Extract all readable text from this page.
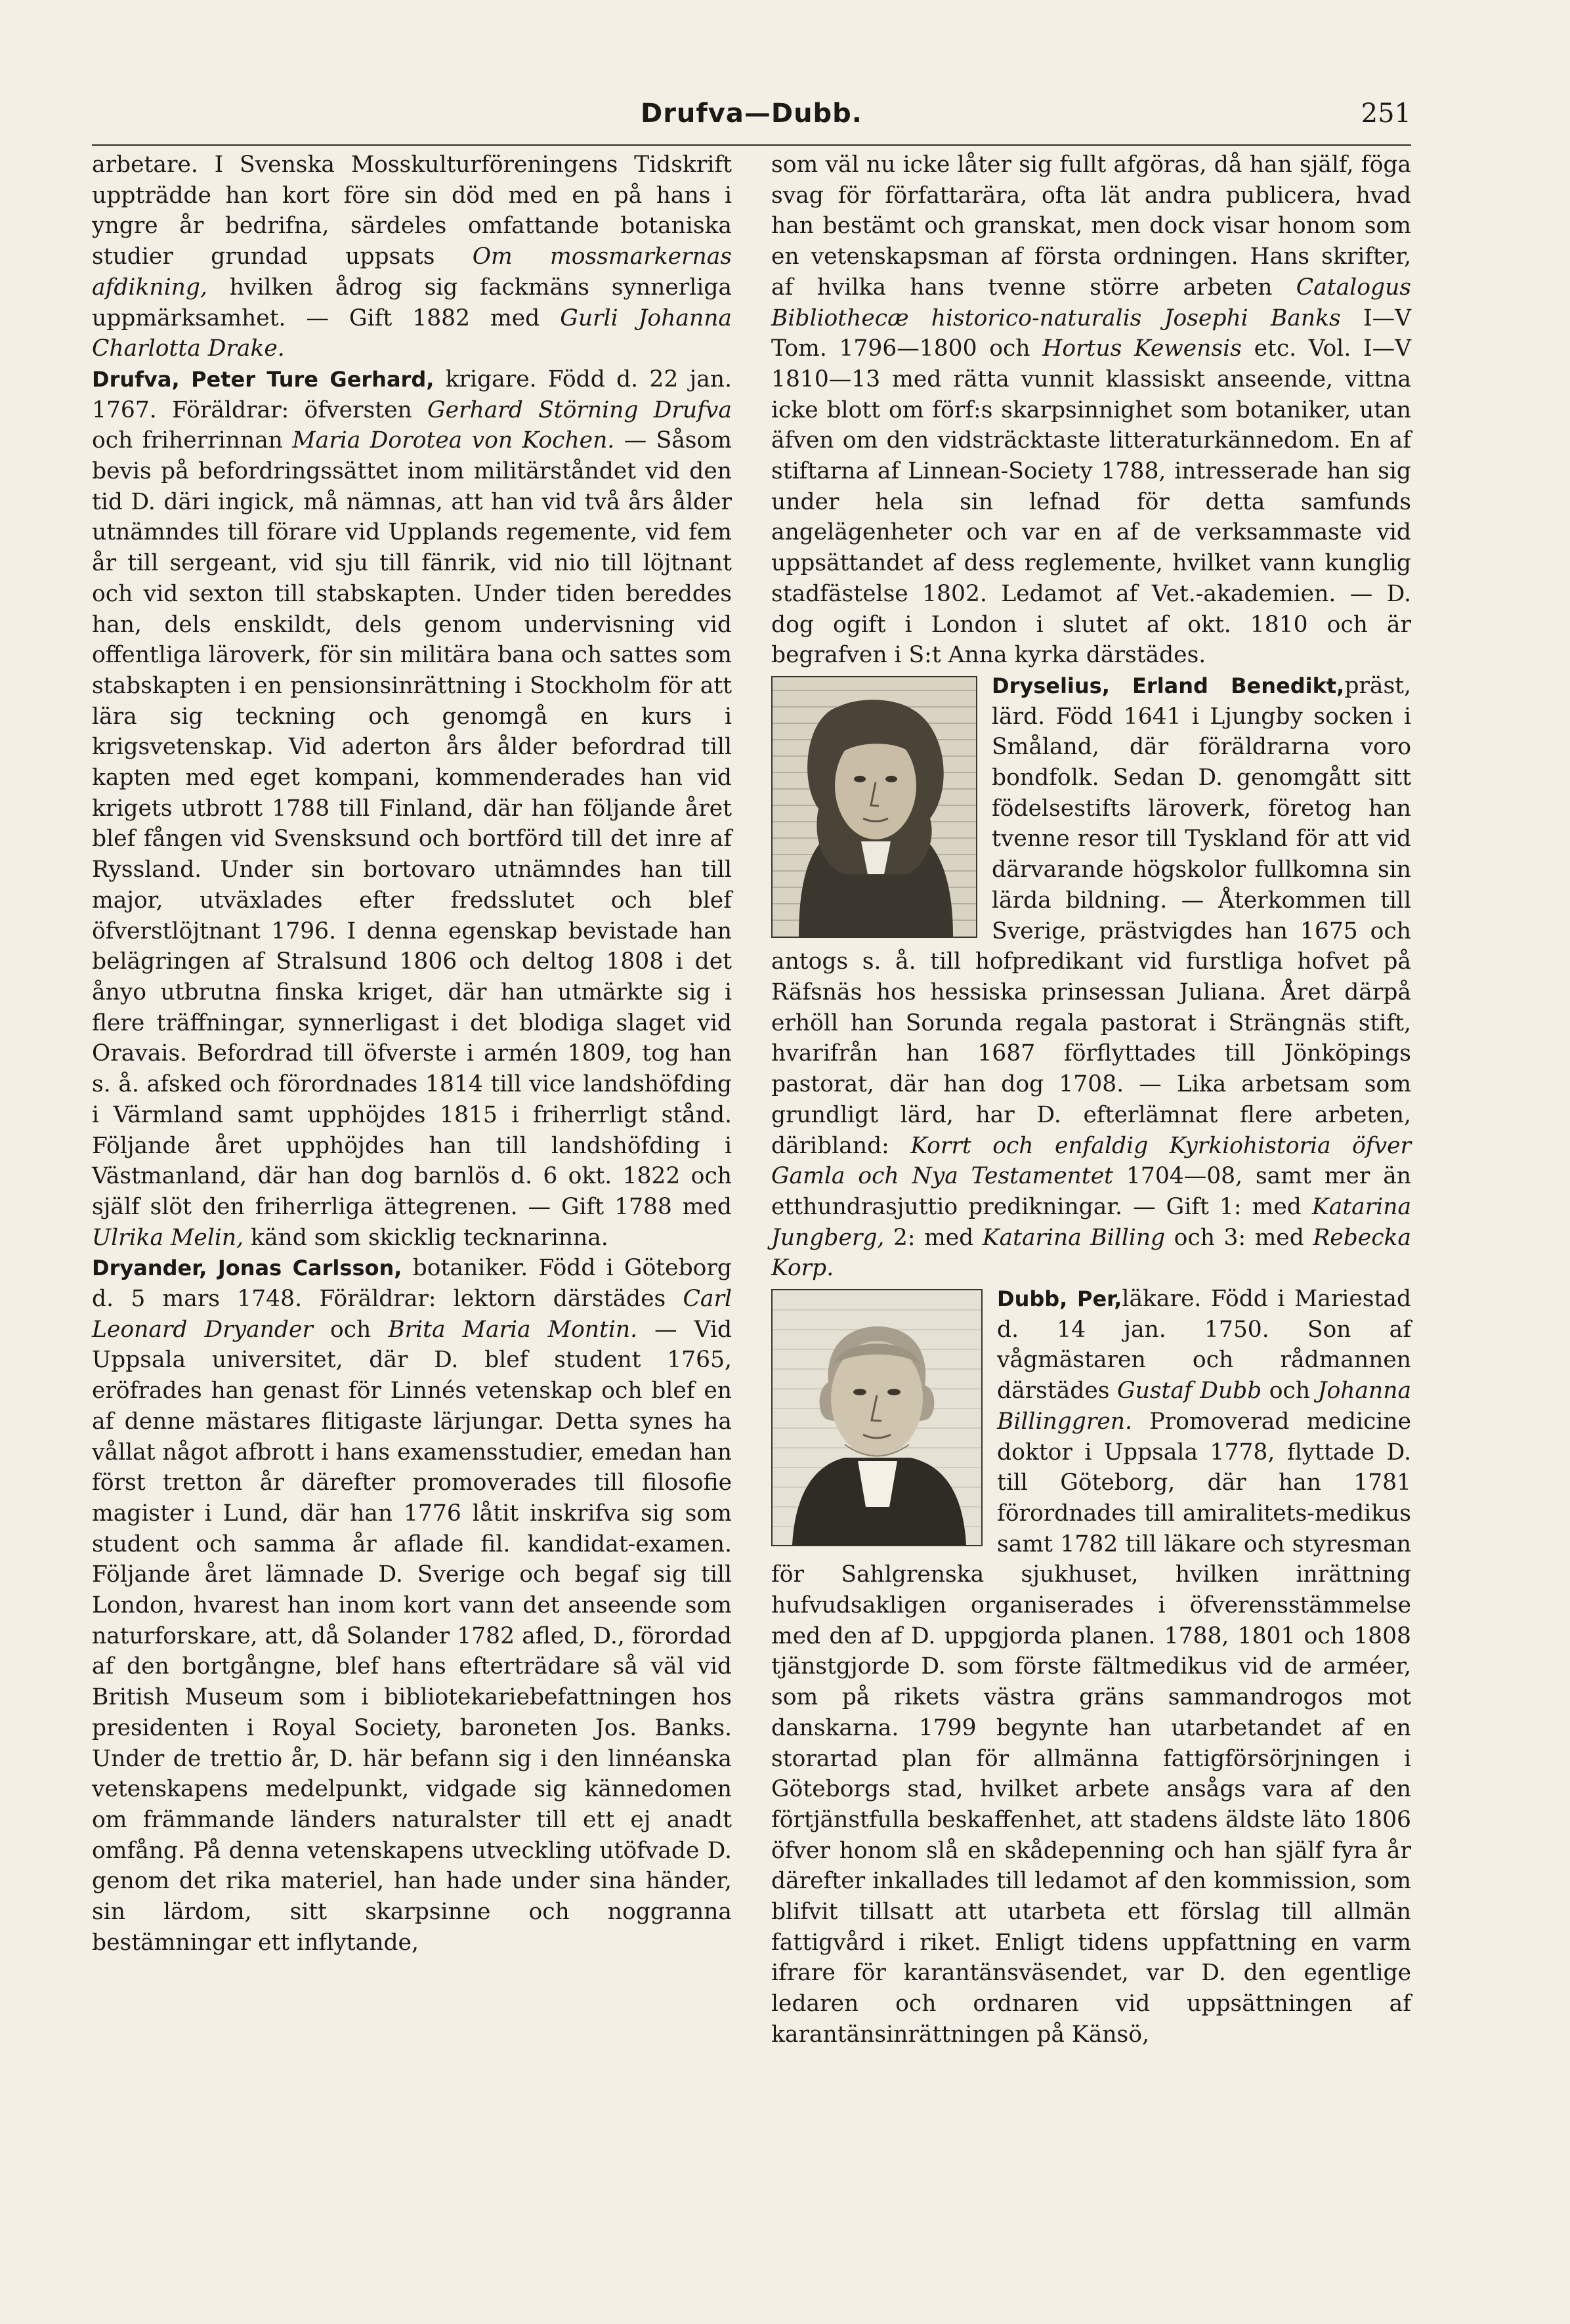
Drufva—Dubb.	251

arbetare. I Svenska Mosskulturföreningens Tidskrift uppträdde han kort före sin död med en på hans i yngre år bedrifna, särdeles omfattande botaniska studier grundad uppsats Om mossmarkernas afdikning, hvilken ådrog sig fackmäns synnerliga uppmärksamhet. — Gift 1882 med Gurli Johanna Charlotta Drake.

Drufva, Peter Ture Gerhard, krigare. Född d. 22 jan. 1767. Föräldrar: öfversten Gerhard Störning Drufva och friherrinnan Maria Dorotea von Kochen. — Såsom bevis på befordringssättet inom militärståndet vid den tid D. däri ingick, må nämnas, att han vid två års ålder utnämndes till förare vid Upplands regemente, vid fem år till sergeant, vid sju till fänrik, vid nio till löjtnant och vid sexton till stabskapten. Under tiden bereddes han, dels enskildt, dels genom undervisning vid offentliga läroverk, för sin militära bana och sattes som stabskapten i en pensionsinrättning i Stockholm för att lära sig teckning och genomgå en kurs i krigsvetenskap. Vid aderton års ålder befordrad till kapten med eget kompani, kommenderades han vid krigets utbrott 1788 till Finland, där han följande året blef fången vid Svensksund och bortförd till det inre af Ryssland. Under sin bortovaro utnämndes han till major, utväxlades efter fredsslutet och blef öfverstlöjtnant 1796. I denna egenskap bevistade han belägringen af Stralsund 1806 och deltog 1808 i det ånyo utbrutna finska kriget, där han utmärkte sig i flere träffningar, synnerligast i det blodiga slaget vid Oravais. Befordrad till öfverste i armén 1809, tog han s. å. afsked och förordnades 1814 till vice landshöfding i Värmland samt upphöjdes 1815 i friherrligt stånd. Följande året upphöjdes han till landshöfding i Västmanland, där han dog barnlös d. 6 okt. 1822 och själf slöt den friherrliga ättegrenen. — Gift 1788 med Ulrika Melin, känd som skicklig tecknarinna.

Dryander, Jonas Carlsson, botaniker. Född i Göteborg d. 5 mars 1748. Föräldrar: lektorn därstädes Carl Leonard Dryander och Brita Maria Montin. — Vid Uppsala universitet, där D. blef student 1765, eröfrades han genast för Linnés vetenskap och blef en af denne mästares flitigaste lärjungar. Detta synes ha vållat något afbrott i hans examensstudier, emedan han först tretton år därefter promoverades till filosofie magister i Lund, där han 1776 låtit inskrifva sig som student och samma år aflade fil. kandidat-examen. Följande året lämnade D. Sverige och begaf sig till London, hvarest han inom kort vann det anseende som naturforskare, att, då Solander 1782 afled, D., förordad af den bortgångne, blef hans efterträdare så väl vid British Museum som i bibliotekariebefattningen hos presidenten i Royal Society, baroneten Jos. Banks. Under de trettio år, D. här befann sig i den linnéanska vetenskapens medelpunkt, vidgade sig kännedomen om främmande länders naturalster till ett ej anadt omfång. På denna vetenskapens utveckling utöfvade D. genom det rika materiel, han hade under sina händer, sin lärdom, sitt skarpsinne och noggranna bestämningar ett inflytande,

som väl nu icke låter sig fullt afgöras, då han själf, föga svag för författarära, ofta lät andra publicera, hvad han bestämt och granskat, men dock visar honom som en vetenskapsman af första ordningen. Hans skrifter, af hvilka hans tvenne större arbeten Catalogus Bibliothecæ historico-naturalis Josephi Banks I—V Tom. 1796—1800 och Hortus Kewensis etc. Vol. I—V 1810—13 med rätta vunnit klassiskt anseende, vittna icke blott om förf:s skarpsinnighet som botaniker, utan äfven om den vidsträcktaste litteraturkännedom. En af stiftarna af Linnean-Society 1788, intresserade han sig under hela sin lefnad för detta samfunds angelägenheter och var en af de verksammaste vid uppsättandet af dess reglemente, hvilket vann kunglig stadfästelse 1802. Ledamot af Vet.-akademien. — D. dog ogift i London i slutet af okt. 1810 och är begrafven i S:t Anna kyrka därstädes.

Dryselius, Erland Benedikt,
präst, lärd. Född 1641 i Ljungby socken i Småland, där föräldrarna voro bondfolk. Sedan D. genomgått sitt födelsestifts läroverk, företog han tvenne resor till Tyskland för att vid därvarande högskolor fullkomna sin lärda bildning. — Återkommen till Sverige, prästvigdes han 1675 och antogs s. å. till hofpredikant vid furstliga hofvet på Räfsnäs hos hessiska prinsessan Juliana. Året därpå erhöll han Sorunda regala pastorat i Strängnäs stift, hvarifrån han 1687 förflyttades till Jönköpings pastorat, där han dog 1708. — Lika arbetsam som grundligt lärd, har D. efterlämnat flere arbeten, däribland: Korrt och enfaldig Kyrkiohistoria öfver Gamla och Nya Testamentet 1704—08, samt mer än etthundrasjuttio predikningar. — Gift 1: med Katarina Jungberg, 2: med Katarina Billing och 3: med Rebecka Korp.

Dubb, Per,
läkare. Född i Mariestad d. 14 jan. 1750. Son af vågmästaren och rådmannen därstädes Gustaf Dubb och Johanna Billinggren. Promoverad medicine doktor i Uppsala 1778, flyttade D. till Göteborg, där han 1781 förordnades till amiralitets-medikus samt 1782 till läkare och styresman för Sahlgrenska sjukhuset, hvilken inrättning hufvudsakligen organiserades i öfverensstämmelse med den af D. uppgjorda planen. 1788, 1801 och 1808 tjänstgjorde D. som förste fältmedikus vid de arméer, som på rikets västra gräns sammandrogos mot danskarna. 1799 begynte han utarbetandet af en storartad plan för allmänna fattigförsörjningen i Göteborgs stad, hvilket arbete ansågs vara af den förtjänstfulla beskaffenhet, att stadens äldste läto 1806 öfver honom slå en skådepenning och han själf fyra år därefter inkallades till ledamot af den kommission, som blifvit tillsatt att utarbeta ett förslag till allmän fattigvård i riket. Enligt tidens uppfattning en varm ifrare för karantänsväsendet, var D. den egentlige ledaren och ordnaren vid uppsättningen af karantänsinrättningen på Känsö,
